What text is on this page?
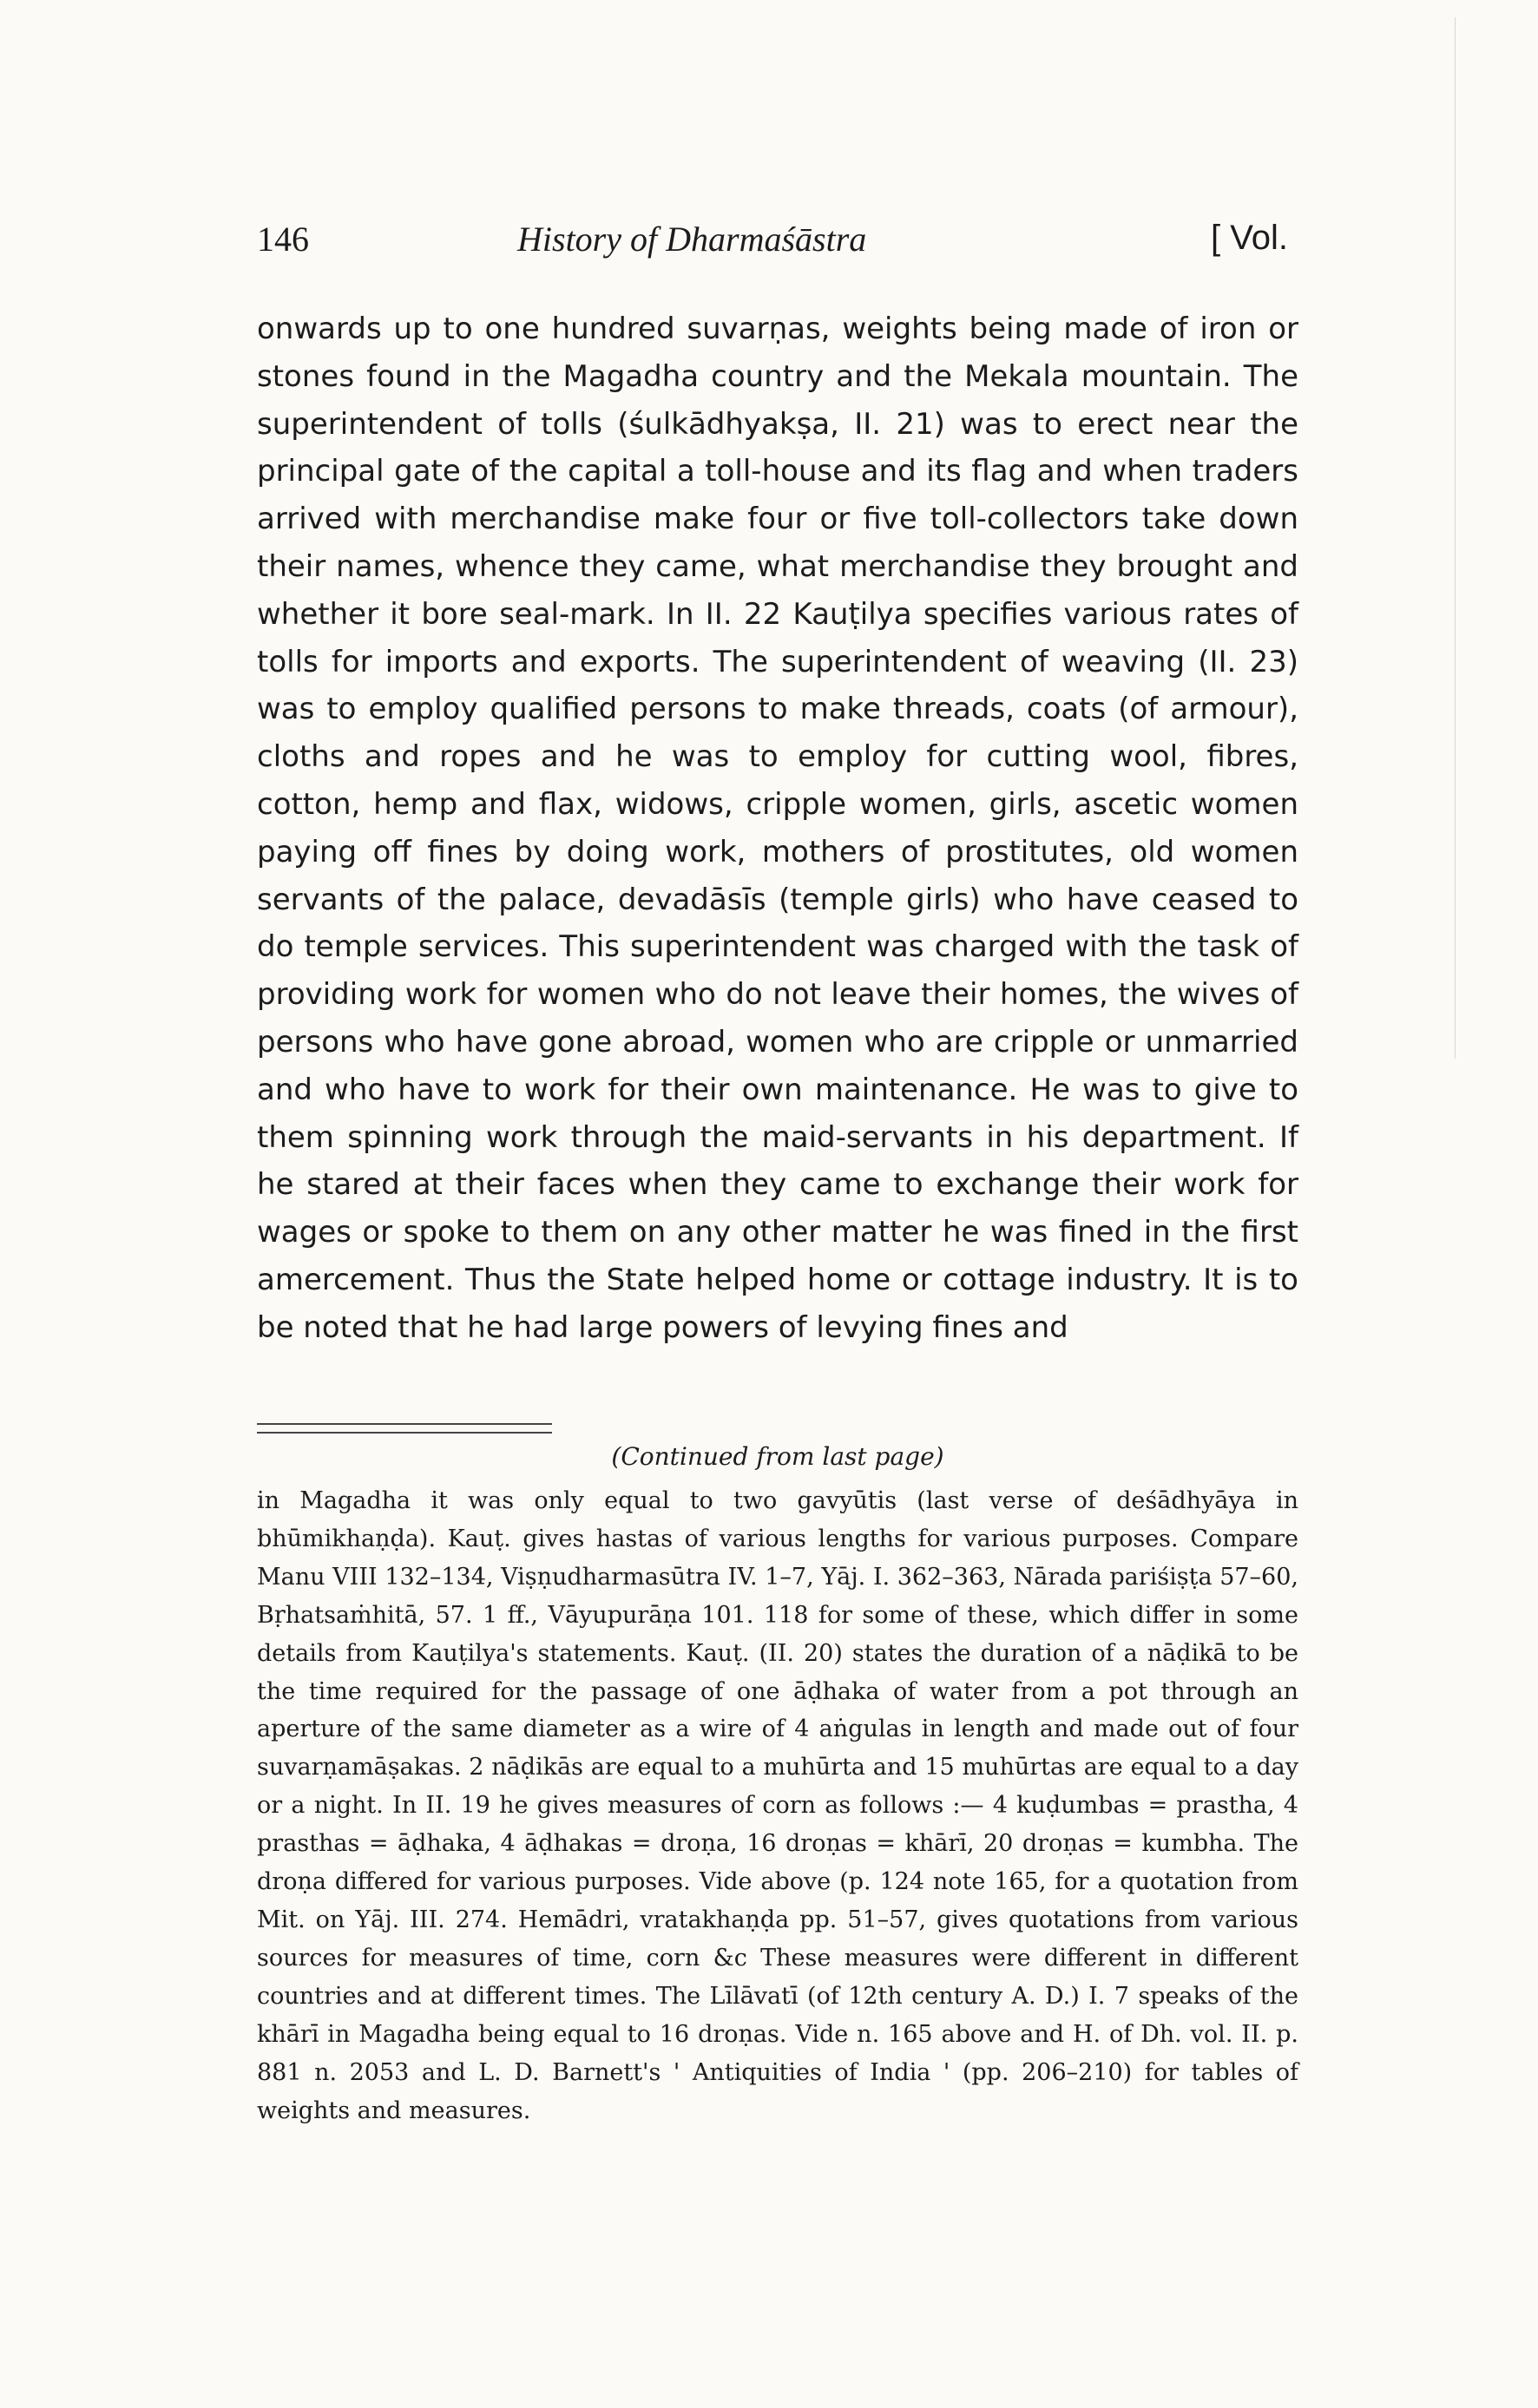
146	History of Dharmaśāstra	[ Vol.

onwards up to one hundred suvarṇas, weights being made of iron or stones found in the Magadha country and the Mekala mountain. The superintendent of tolls (śulkādhyakṣa, II. 21) was to erect near the principal gate of the capital a toll-house and its flag and when traders arrived with merchandise make four or five toll-collectors take down their names, whence they came, what merchandise they brought and whether it bore seal-mark. In II. 22 Kauṭilya specifies various rates of tolls for imports and exports. The superintendent of weaving (II. 23) was to employ qualified persons to make threads, coats (of armour), cloths and ropes and he was to employ for cutting wool, fibres, cotton, hemp and flax, widows, cripple women, girls, ascetic women paying off fines by doing work, mothers of prostitutes, old women servants of the palace, devadāsīs (temple girls) who have ceased to do temple services. This superintendent was charged with the task of providing work for women who do not leave their homes, the wives of persons who have gone abroad, women who are cripple or unmarried and who have to work for their own maintenance. He was to give to them spinning work through the maid-servants in his department. If he stared at their faces when they came to exchange their work for wages or spoke to them on any other matter he was fined in the first amercement. Thus the State helped home or cottage industry. It is to be noted that he had large powers of levying fines and

(Continued from last page)

in Magadha it was only equal to two gavyūtis (last verse of deśādhyāya in bhūmikhaṇḍa). Kauṭ. gives hastas of various lengths for various purposes. Compare Manu VIII 132–134, Viṣṇudharmasūtra IV. 1–7, Yāj. I. 362–363, Nārada pariśiṣṭa 57–60, Bṛhatsaṁhitā, 57. 1 ff., Vāyupurāṇa 101. 118 for some of these, which differ in some details from Kauṭilya's statements. Kauṭ. (II. 20) states the duration of a nāḍikā to be the time required for the passage of one āḍhaka of water from a pot through an aperture of the same diameter as a wire of 4 aṅgulas in length and made out of four suvarṇamāṣakas. 2 nāḍikās are equal to a muhūrta and 15 muhūrtas are equal to a day or a night. In II. 19 he gives measures of corn as follows :— 4 kuḍumbas = prastha, 4 prasthas = āḍhaka, 4 āḍhakas = droṇa, 16 droṇas = khārī, 20 droṇas = kumbha. The droṇa differed for various purposes. Vide above (p. 124 note 165, for a quotation from Mit. on Yāj. III. 274. Hemādri, vratakhaṇḍa pp. 51–57, gives quotations from various sources for measures of time, corn &c These measures were different in different countries and at different times. The Līlāvatī (of 12th century A. D.) I. 7 speaks of the khārī in Magadha being equal to 16 droṇas. Vide n. 165 above and H. of Dh. vol. II. p. 881 n. 2053 and L. D. Barnett's ' Antiquities of India ' (pp. 206–210) for tables of weights and measures.
